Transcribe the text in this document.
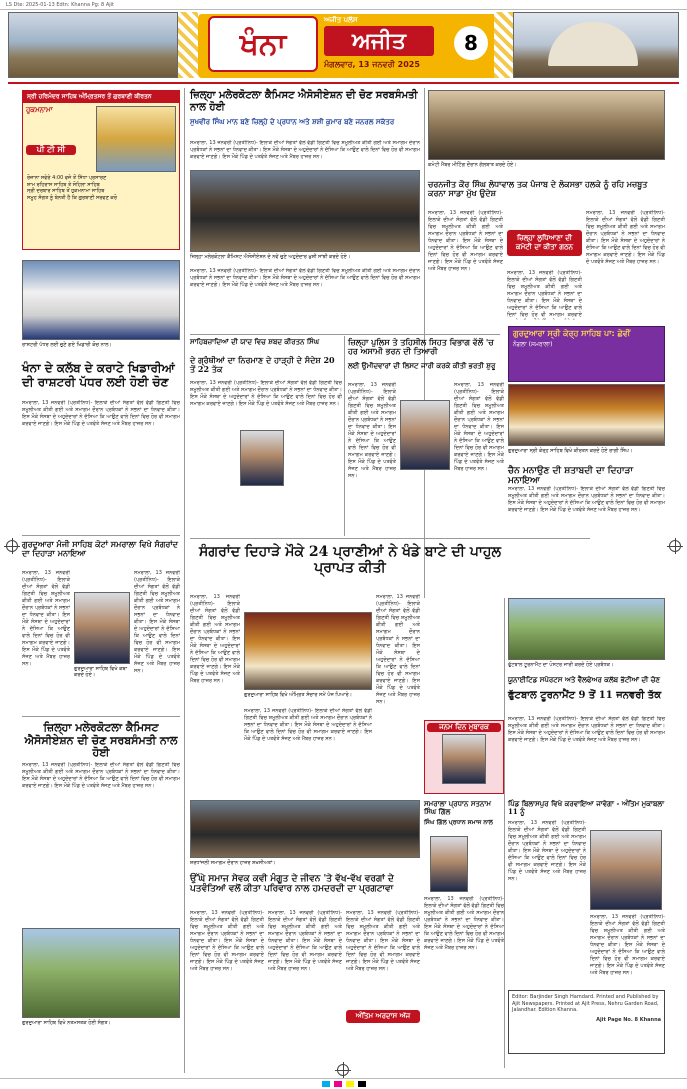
LS Dte: 2025-01-13 Edtn: Khanna Pg: 8 Ajit
ਖੰਨਾ
ਅਜੀਤ ਪਲੱਸ
ਅਜੀਤ
ਮੰਗਲਵਾਰ, 13 ਜਨਵਰੀ 2025
8
ਸ੍ਰੀ ਹਰਿਮੰਦਰ ਸਾਹਿਬ ਅੰਮ੍ਰਿਤਸਰ ਤੋਂ ਗੁਰਬਾਣੀ ਕੀਰਤਨ
ਹੁਕਮਨਾਮਾ
ਪੀ ਟੀ ਸੀ
ਰੋਜ਼ਾਨਾ ਸਵੇਰੇ 4:00 ਵਜੇ ਤੋਂ ਸਿੱਧਾ ਪ੍ਰਸਾਰਣ
ਸ਼ਾਮ ਰਹਿਰਾਸ ਸਾਹਿਬ ਤੇ ਸੋਹਿਲਾ ਸਾਹਿਬ
ਸ੍ਰੀ ਦਰਬਾਰ ਸਾਹਿਬ ਤੋਂ ਹੁਕਮਨਾਮਾ ਸਾਹਿਬ
ਸਮੂਹ ਸੰਗਤ ਨੂੰ ਬੇਨਤੀ ਹੈ ਕਿ ਗੁਰਬਾਣੀ ਸਰਵਣ ਕਰੋ
ਰਾਸ਼ਟਰੀ ਪੱਧਰ ਲਈ ਚੁਣੇ ਗਏ ਖਿਡਾਰੀ ਕੋਚ ਨਾਲ।
ਖੰਨਾ ਦੇ ਕਲੱਬ ਦੇ ਕਰਾਟੇ ਖਿਡਾਰੀਆਂ ਦੀ ਰਾਸ਼ਟਰੀ ਪੱਧਰ ਲਈ ਹੋਈ ਚੋਣ
ਸਮਰਾਲਾ, 13 ਜਨਵਰੀ (ਪ੍ਰਤੀਨਿਧ)- ਇਲਾਕੇ ਦੀਆਂ ਸੰਗਤਾਂ ਵੱਲੋਂ ਵੱਡੀ ਗਿਣਤੀ ਵਿਚ ਸ਼ਮੂਲੀਅਤ ਕੀਤੀ ਗਈ ਅਤੇ ਸਮਾਗਮ ਦੌਰਾਨ ਪ੍ਰਬੰਧਕਾਂ ਨੇ ਸਭਨਾਂ ਦਾ ਧੰਨਵਾਦ ਕੀਤਾ। ਇਸ ਮੌਕੇ ਸੰਸਥਾ ਦੇ ਅਹੁਦੇਦਾਰਾਂ ਨੇ ਦੱਸਿਆ ਕਿ ਆਉਣ ਵਾਲੇ ਦਿਨਾਂ ਵਿਚ ਹੋਰ ਵੀ ਸਮਾਗਮ ਕਰਵਾਏ ਜਾਣਗੇ। ਇਸ ਮੌਕੇ ਪਿੰਡ ਦੇ ਪਤਵੰਤੇ ਸੱਜਣ ਅਤੇ ਮੈਂਬਰ ਹਾਜ਼ਰ ਸਨ।
ਗੁਰਦੁਆਰਾ ਮੰਜੀ ਸਾਹਿਬ ਕੋਟਾਂ ਸਮਰਾਲਾ ਵਿਖੇ ਸੰਗਰਾਂਦ ਦਾ ਦਿਹਾੜਾ ਮਨਾਇਆ
ਸਮਰਾਲਾ, 13 ਜਨਵਰੀ (ਪ੍ਰਤੀਨਿਧ)- ਇਲਾਕੇ ਦੀਆਂ ਸੰਗਤਾਂ ਵੱਲੋਂ ਵੱਡੀ ਗਿਣਤੀ ਵਿਚ ਸ਼ਮੂਲੀਅਤ ਕੀਤੀ ਗਈ ਅਤੇ ਸਮਾਗਮ ਦੌਰਾਨ ਪ੍ਰਬੰਧਕਾਂ ਨੇ ਸਭਨਾਂ ਦਾ ਧੰਨਵਾਦ ਕੀਤਾ। ਇਸ ਮੌਕੇ ਸੰਸਥਾ ਦੇ ਅਹੁਦੇਦਾਰਾਂ ਨੇ ਦੱਸਿਆ ਕਿ ਆਉਣ ਵਾਲੇ ਦਿਨਾਂ ਵਿਚ ਹੋਰ ਵੀ ਸਮਾਗਮ ਕਰਵਾਏ ਜਾਣਗੇ। ਇਸ ਮੌਕੇ ਪਿੰਡ ਦੇ ਪਤਵੰਤੇ ਸੱਜਣ ਅਤੇ ਮੈਂਬਰ ਹਾਜ਼ਰ ਸਨ।
ਗੁਰਦੁਆਰਾ ਸਾਹਿਬ ਵਿਖੇ ਕਥਾ ਕਰਦੇ ਹੋਏ।
ਸਮਰਾਲਾ, 13 ਜਨਵਰੀ (ਪ੍ਰਤੀਨਿਧ)- ਇਲਾਕੇ ਦੀਆਂ ਸੰਗਤਾਂ ਵੱਲੋਂ ਵੱਡੀ ਗਿਣਤੀ ਵਿਚ ਸ਼ਮੂਲੀਅਤ ਕੀਤੀ ਗਈ ਅਤੇ ਸਮਾਗਮ ਦੌਰਾਨ ਪ੍ਰਬੰਧਕਾਂ ਨੇ ਸਭਨਾਂ ਦਾ ਧੰਨਵਾਦ ਕੀਤਾ। ਇਸ ਮੌਕੇ ਸੰਸਥਾ ਦੇ ਅਹੁਦੇਦਾਰਾਂ ਨੇ ਦੱਸਿਆ ਕਿ ਆਉਣ ਵਾਲੇ ਦਿਨਾਂ ਵਿਚ ਹੋਰ ਵੀ ਸਮਾਗਮ ਕਰਵਾਏ ਜਾਣਗੇ। ਇਸ ਮੌਕੇ ਪਿੰਡ ਦੇ ਪਤਵੰਤੇ ਸੱਜਣ ਅਤੇ ਮੈਂਬਰ ਹਾਜ਼ਰ ਸਨ।
ਜ਼ਿਲ੍ਹਾ ਮਲੇਰਕੋਟਲਾ ਕੈਮਿਸਟ ਐਸੋਸੀਏਸ਼ਨ ਦੀ ਚੋਣ ਸਰਬਸੰਮਤੀ ਨਾਲ ਹੋਈ
ਸਮਰਾਲਾ, 13 ਜਨਵਰੀ (ਪ੍ਰਤੀਨਿਧ)- ਇਲਾਕੇ ਦੀਆਂ ਸੰਗਤਾਂ ਵੱਲੋਂ ਵੱਡੀ ਗਿਣਤੀ ਵਿਚ ਸ਼ਮੂਲੀਅਤ ਕੀਤੀ ਗਈ ਅਤੇ ਸਮਾਗਮ ਦੌਰਾਨ ਪ੍ਰਬੰਧਕਾਂ ਨੇ ਸਭਨਾਂ ਦਾ ਧੰਨਵਾਦ ਕੀਤਾ। ਇਸ ਮੌਕੇ ਸੰਸਥਾ ਦੇ ਅਹੁਦੇਦਾਰਾਂ ਨੇ ਦੱਸਿਆ ਕਿ ਆਉਣ ਵਾਲੇ ਦਿਨਾਂ ਵਿਚ ਹੋਰ ਵੀ ਸਮਾਗਮ ਕਰਵਾਏ ਜਾਣਗੇ। ਇਸ ਮੌਕੇ ਪਿੰਡ ਦੇ ਪਤਵੰਤੇ ਸੱਜਣ ਅਤੇ ਮੈਂਬਰ ਹਾਜ਼ਰ ਸਨ।
ਗੁਰਦੁਆਰਾ ਸਾਹਿਬ ਵਿਖੇ ਨਤਮਸਤਕ ਹੋਈ ਸੰਗਤ।
ਜ਼ਿਲ੍ਹਾ ਮਲੇਰਕੋਟਲਾ ਕੈਮਿਸਟ ਐਸੋਸੀਏਸ਼ਨ ਦੀ ਚੋਣ ਸਰਬਸੰਮਤੀ ਨਾਲ ਹੋਈ
ਸੁਖਵੀਰ ਸਿੰਘ ਮਾਨ ਬਣੇ ਜ਼ਿਲ੍ਹੇ ਦੇ ਪ੍ਰਧਾਨ ਅਤੇ ਸ਼ਸ਼ੀ ਕੁਮਾਰ ਬਣੇ ਜਨਰਲ ਸਕੱਤਰ
ਸਮਰਾਲਾ, 13 ਜਨਵਰੀ (ਪ੍ਰਤੀਨਿਧ)- ਇਲਾਕੇ ਦੀਆਂ ਸੰਗਤਾਂ ਵੱਲੋਂ ਵੱਡੀ ਗਿਣਤੀ ਵਿਚ ਸ਼ਮੂਲੀਅਤ ਕੀਤੀ ਗਈ ਅਤੇ ਸਮਾਗਮ ਦੌਰਾਨ ਪ੍ਰਬੰਧਕਾਂ ਨੇ ਸਭਨਾਂ ਦਾ ਧੰਨਵਾਦ ਕੀਤਾ। ਇਸ ਮੌਕੇ ਸੰਸਥਾ ਦੇ ਅਹੁਦੇਦਾਰਾਂ ਨੇ ਦੱਸਿਆ ਕਿ ਆਉਣ ਵਾਲੇ ਦਿਨਾਂ ਵਿਚ ਹੋਰ ਵੀ ਸਮਾਗਮ ਕਰਵਾਏ ਜਾਣਗੇ। ਇਸ ਮੌਕੇ ਪਿੰਡ ਦੇ ਪਤਵੰਤੇ ਸੱਜਣ ਅਤੇ ਮੈਂਬਰ ਹਾਜ਼ਰ ਸਨ।
ਜ਼ਿਲ੍ਹਾ ਮਲੇਰਕੋਟਲਾ ਕੈਮਿਸਟ ਐਸੋਸੀਏਸ਼ਨ ਦੇ ਨਵੇਂ ਚੁਣੇ ਅਹੁਦੇਦਾਰ ਖ਼ੁਸ਼ੀ ਸਾਂਝੀ ਕਰਦੇ ਹੋਏ।
ਸਮਰਾਲਾ, 13 ਜਨਵਰੀ (ਪ੍ਰਤੀਨਿਧ)- ਇਲਾਕੇ ਦੀਆਂ ਸੰਗਤਾਂ ਵੱਲੋਂ ਵੱਡੀ ਗਿਣਤੀ ਵਿਚ ਸ਼ਮੂਲੀਅਤ ਕੀਤੀ ਗਈ ਅਤੇ ਸਮਾਗਮ ਦੌਰਾਨ ਪ੍ਰਬੰਧਕਾਂ ਨੇ ਸਭਨਾਂ ਦਾ ਧੰਨਵਾਦ ਕੀਤਾ। ਇਸ ਮੌਕੇ ਸੰਸਥਾ ਦੇ ਅਹੁਦੇਦਾਰਾਂ ਨੇ ਦੱਸਿਆ ਕਿ ਆਉਣ ਵਾਲੇ ਦਿਨਾਂ ਵਿਚ ਹੋਰ ਵੀ ਸਮਾਗਮ ਕਰਵਾਏ ਜਾਣਗੇ। ਇਸ ਮੌਕੇ ਪਿੰਡ ਦੇ ਪਤਵੰਤੇ ਸੱਜਣ ਅਤੇ ਮੈਂਬਰ ਹਾਜ਼ਰ ਸਨ।
ਕਮੇਟੀ ਮੈਂਬਰ ਮੀਟਿੰਗ ਦੌਰਾਨ ਗੱਲਬਾਤ ਕਰਦੇ ਹੋਏ।
ਚਰਨਜੀਤ ਕੌਰ ਸਿੰਘ ਲੋਧਾਵਾਲ ਤਕ ਪੰਜਾਬ ਦੇ ਲੋਕਸਭਾ ਹਲਕੇ ਨੂੰ ਰਹਿ ਮਜ਼ਬੂਤ ਕਰਨਾ ਸਾਡਾ ਮੁੱਖ ਉਦੇਸ਼
ਸਮਰਾਲਾ, 13 ਜਨਵਰੀ (ਪ੍ਰਤੀਨਿਧ)- ਇਲਾਕੇ ਦੀਆਂ ਸੰਗਤਾਂ ਵੱਲੋਂ ਵੱਡੀ ਗਿਣਤੀ ਵਿਚ ਸ਼ਮੂਲੀਅਤ ਕੀਤੀ ਗਈ ਅਤੇ ਸਮਾਗਮ ਦੌਰਾਨ ਪ੍ਰਬੰਧਕਾਂ ਨੇ ਸਭਨਾਂ ਦਾ ਧੰਨਵਾਦ ਕੀਤਾ। ਇਸ ਮੌਕੇ ਸੰਸਥਾ ਦੇ ਅਹੁਦੇਦਾਰਾਂ ਨੇ ਦੱਸਿਆ ਕਿ ਆਉਣ ਵਾਲੇ ਦਿਨਾਂ ਵਿਚ ਹੋਰ ਵੀ ਸਮਾਗਮ ਕਰਵਾਏ ਜਾਣਗੇ। ਇਸ ਮੌਕੇ ਪਿੰਡ ਦੇ ਪਤਵੰਤੇ ਸੱਜਣ ਅਤੇ ਮੈਂਬਰ ਹਾਜ਼ਰ ਸਨ।
ਜ਼ਿਲ੍ਹਾ ਲੁਧਿਆਣਾ ਦੀ ਕਮੇਟੀ ਦਾ ਕੀਤਾ ਗਠਨ
ਸਮਰਾਲਾ, 13 ਜਨਵਰੀ (ਪ੍ਰਤੀਨਿਧ)- ਇਲਾਕੇ ਦੀਆਂ ਸੰਗਤਾਂ ਵੱਲੋਂ ਵੱਡੀ ਗਿਣਤੀ ਵਿਚ ਸ਼ਮੂਲੀਅਤ ਕੀਤੀ ਗਈ ਅਤੇ ਸਮਾਗਮ ਦੌਰਾਨ ਪ੍ਰਬੰਧਕਾਂ ਨੇ ਸਭਨਾਂ ਦਾ ਧੰਨਵਾਦ ਕੀਤਾ। ਇਸ ਮੌਕੇ ਸੰਸਥਾ ਦੇ ਅਹੁਦੇਦਾਰਾਂ ਨੇ ਦੱਸਿਆ ਕਿ ਆਉਣ ਵਾਲੇ ਦਿਨਾਂ ਵਿਚ ਹੋਰ ਵੀ ਸਮਾਗਮ ਕਰਵਾਏ
ਸਮਰਾਲਾ, 13 ਜਨਵਰੀ (ਪ੍ਰਤੀਨਿਧ)- ਇਲਾਕੇ ਦੀਆਂ ਸੰਗਤਾਂ ਵੱਲੋਂ ਵੱਡੀ ਗਿਣਤੀ ਵਿਚ ਸ਼ਮੂਲੀਅਤ ਕੀਤੀ ਗਈ ਅਤੇ ਸਮਾਗਮ ਦੌਰਾਨ ਪ੍ਰਬੰਧਕਾਂ ਨੇ ਸਭਨਾਂ ਦਾ ਧੰਨਵਾਦ ਕੀਤਾ। ਇਸ ਮੌਕੇ ਸੰਸਥਾ ਦੇ ਅਹੁਦੇਦਾਰਾਂ ਨੇ ਦੱਸਿਆ ਕਿ ਆਉਣ ਵਾਲੇ ਦਿਨਾਂ ਵਿਚ ਹੋਰ ਵੀ ਸਮਾਗਮ ਕਰਵਾਏ ਜਾਣਗੇ। ਇਸ ਮੌਕੇ ਪਿੰਡ ਦੇ ਪਤਵੰਤੇ ਸੱਜਣ ਅਤੇ ਮੈਂਬਰ ਹਾਜ਼ਰ ਸਨ।
ਗੁਰਦੁਆਰਾ ਸ੍ਰੀ ਕੇਰ੍ਹ ਸਾਹਿਬ ਪਾ: ਛੇਵੀਂ
ਨੰਗਲਾ (ਸਮਰਾਲਾ)
ਗੁਰਦੁਆਰਾ ਸ੍ਰੀ ਕੇਰ੍ਹ ਸਾਹਿਬ ਵਿਖੇ ਕੀਰਤਨ ਕਰਦੇ ਹੋਏ ਰਾਗੀ ਸਿੰਘ।
ਚੈਨ ਮਨਾਉਣ ਦੀ ਸ਼ਤਾਬਦੀ ਦਾ ਦਿਹਾੜਾ ਮਨਾਇਆ
ਸਮਰਾਲਾ, 13 ਜਨਵਰੀ (ਪ੍ਰਤੀਨਿਧ)- ਇਲਾਕੇ ਦੀਆਂ ਸੰਗਤਾਂ ਵੱਲੋਂ ਵੱਡੀ ਗਿਣਤੀ ਵਿਚ ਸ਼ਮੂਲੀਅਤ ਕੀਤੀ ਗਈ ਅਤੇ ਸਮਾਗਮ ਦੌਰਾਨ ਪ੍ਰਬੰਧਕਾਂ ਨੇ ਸਭਨਾਂ ਦਾ ਧੰਨਵਾਦ ਕੀਤਾ। ਇਸ ਮੌਕੇ ਸੰਸਥਾ ਦੇ ਅਹੁਦੇਦਾਰਾਂ ਨੇ ਦੱਸਿਆ ਕਿ ਆਉਣ ਵਾਲੇ ਦਿਨਾਂ ਵਿਚ ਹੋਰ ਵੀ ਸਮਾਗਮ ਕਰਵਾਏ ਜਾਣਗੇ। ਇਸ ਮੌਕੇ ਪਿੰਡ ਦੇ ਪਤਵੰਤੇ ਸੱਜਣ ਅਤੇ ਮੈਂਬਰ ਹਾਜ਼ਰ ਸਨ।
ਸਾਹਿਬਜ਼ਾਦਿਆਂ ਦੀ ਯਾਦ ਵਿਚ ਸ਼ਬਦ ਕੀਰਤਨ ਸਿੰਘ
ਦੇ ਗ੍ਰੰਥੀਆਂ ਦਾ ਨਿਰਮਾਣ ਦੇ ਹਾੜ੍ਹੀ ਦੇ ਸੰਦੇਸ਼ 20 ਤੋਂ 22 ਤੱਕ
ਸਮਰਾਲਾ, 13 ਜਨਵਰੀ (ਪ੍ਰਤੀਨਿਧ)- ਇਲਾਕੇ ਦੀਆਂ ਸੰਗਤਾਂ ਵੱਲੋਂ ਵੱਡੀ ਗਿਣਤੀ ਵਿਚ ਸ਼ਮੂਲੀਅਤ ਕੀਤੀ ਗਈ ਅਤੇ ਸਮਾਗਮ ਦੌਰਾਨ ਪ੍ਰਬੰਧਕਾਂ ਨੇ ਸਭਨਾਂ ਦਾ ਧੰਨਵਾਦ ਕੀਤਾ। ਇਸ ਮੌਕੇ ਸੰਸਥਾ ਦੇ ਅਹੁਦੇਦਾਰਾਂ ਨੇ ਦੱਸਿਆ ਕਿ ਆਉਣ ਵਾਲੇ ਦਿਨਾਂ ਵਿਚ ਹੋਰ ਵੀ ਸਮਾਗਮ ਕਰਵਾਏ ਜਾਣਗੇ। ਇਸ ਮੌਕੇ ਪਿੰਡ ਦੇ ਪਤਵੰਤੇ ਸੱਜਣ ਅਤੇ ਮੈਂਬਰ ਹਾਜ਼ਰ ਸਨ।
ਜ਼ਿਲ੍ਹਾ ਪੁਲਿਸ ਤੇ ਤਹਿਸੀਲ ਸਿਹਤ ਵਿਭਾਗ ਵੱਲੋਂ 'ਚ ਹਰ ਅਸਾਮੀ ਭਰਨ ਦੀ ਤਿਆਰੀ
ਲਈ ਉਮੀਦਵਾਰਾਂ ਦੀ ਲਿਸਟ ਜਾਰੀ ਕਰਕੇ ਕੀਤੀ ਭਰਤੀ ਸ਼ੁਰੂ
ਸਮਰਾਲਾ, 13 ਜਨਵਰੀ (ਪ੍ਰਤੀਨਿਧ)- ਇਲਾਕੇ ਦੀਆਂ ਸੰਗਤਾਂ ਵੱਲੋਂ ਵੱਡੀ ਗਿਣਤੀ ਵਿਚ ਸ਼ਮੂਲੀਅਤ ਕੀਤੀ ਗਈ ਅਤੇ ਸਮਾਗਮ ਦੌਰਾਨ ਪ੍ਰਬੰਧਕਾਂ ਨੇ ਸਭਨਾਂ ਦਾ ਧੰਨਵਾਦ ਕੀਤਾ। ਇਸ ਮੌਕੇ ਸੰਸਥਾ ਦੇ ਅਹੁਦੇਦਾਰਾਂ ਨੇ ਦੱਸਿਆ ਕਿ ਆਉਣ ਵਾਲੇ ਦਿਨਾਂ ਵਿਚ ਹੋਰ ਵੀ ਸਮਾਗਮ ਕਰਵਾਏ ਜਾਣਗੇ। ਇਸ ਮੌਕੇ ਪਿੰਡ ਦੇ ਪਤਵੰਤੇ ਸੱਜਣ ਅਤੇ ਮੈਂਬਰ ਹਾਜ਼ਰ ਸਨ।
ਸਮਰਾਲਾ, 13 ਜਨਵਰੀ (ਪ੍ਰਤੀਨਿਧ)- ਇਲਾਕੇ ਦੀਆਂ ਸੰਗਤਾਂ ਵੱਲੋਂ ਵੱਡੀ ਗਿਣਤੀ ਵਿਚ ਸ਼ਮੂਲੀਅਤ ਕੀਤੀ ਗਈ ਅਤੇ ਸਮਾਗਮ ਦੌਰਾਨ ਪ੍ਰਬੰਧਕਾਂ ਨੇ ਸਭਨਾਂ ਦਾ ਧੰਨਵਾਦ ਕੀਤਾ। ਇਸ ਮੌਕੇ ਸੰਸਥਾ ਦੇ ਅਹੁਦੇਦਾਰਾਂ ਨੇ ਦੱਸਿਆ ਕਿ ਆਉਣ ਵਾਲੇ ਦਿਨਾਂ ਵਿਚ ਹੋਰ ਵੀ ਸਮਾਗਮ ਕਰਵਾਏ ਜਾਣਗੇ। ਇਸ ਮੌਕੇ ਪਿੰਡ ਦੇ ਪਤਵੰਤੇ ਸੱਜਣ ਅਤੇ ਮੈਂਬਰ ਹਾਜ਼ਰ ਸਨ।
ਸੰਗਰਾਂਦ ਦਿਹਾੜੇ ਮੌਕੇ 24 ਪ੍ਰਾਣੀਆਂ ਨੇ ਖੰਡੇ ਬਾਟੇ ਦੀ ਪਾਹੁਲ ਪ੍ਰਾਪਤ ਕੀਤੀ
ਸਮਰਾਲਾ, 13 ਜਨਵਰੀ (ਪ੍ਰਤੀਨਿਧ)- ਇਲਾਕੇ ਦੀਆਂ ਸੰਗਤਾਂ ਵੱਲੋਂ ਵੱਡੀ ਗਿਣਤੀ ਵਿਚ ਸ਼ਮੂਲੀਅਤ ਕੀਤੀ ਗਈ ਅਤੇ ਸਮਾਗਮ ਦੌਰਾਨ ਪ੍ਰਬੰਧਕਾਂ ਨੇ ਸਭਨਾਂ ਦਾ ਧੰਨਵਾਦ ਕੀਤਾ। ਇਸ ਮੌਕੇ ਸੰਸਥਾ ਦੇ ਅਹੁਦੇਦਾਰਾਂ ਨੇ ਦੱਸਿਆ ਕਿ ਆਉਣ ਵਾਲੇ ਦਿਨਾਂ ਵਿਚ ਹੋਰ ਵੀ ਸਮਾਗਮ ਕਰਵਾਏ ਜਾਣਗੇ। ਇਸ ਮੌਕੇ ਪਿੰਡ ਦੇ ਪਤਵੰਤੇ ਸੱਜਣ ਅਤੇ ਮੈਂਬਰ ਹਾਜ਼ਰ ਸਨ।
ਗੁਰਦੁਆਰਾ ਸਾਹਿਬ ਵਿਖੇ ਅੰਮ੍ਰਿਤ ਸੰਚਾਰ ਸਮੇਂ ਪੰਜ ਪਿਆਰੇ।
ਸਮਰਾਲਾ, 13 ਜਨਵਰੀ (ਪ੍ਰਤੀਨਿਧ)- ਇਲਾਕੇ ਦੀਆਂ ਸੰਗਤਾਂ ਵੱਲੋਂ ਵੱਡੀ ਗਿਣਤੀ ਵਿਚ ਸ਼ਮੂਲੀਅਤ ਕੀਤੀ ਗਈ ਅਤੇ ਸਮਾਗਮ ਦੌਰਾਨ ਪ੍ਰਬੰਧਕਾਂ ਨੇ ਸਭਨਾਂ ਦਾ ਧੰਨਵਾਦ ਕੀਤਾ। ਇਸ ਮੌਕੇ ਸੰਸਥਾ ਦੇ ਅਹੁਦੇਦਾਰਾਂ ਨੇ ਦੱਸਿਆ ਕਿ ਆਉਣ ਵਾਲੇ ਦਿਨਾਂ ਵਿਚ ਹੋਰ ਵੀ ਸਮਾਗਮ ਕਰਵਾਏ ਜਾਣਗੇ। ਇਸ ਮੌਕੇ ਪਿੰਡ ਦੇ ਪਤਵੰਤੇ ਸੱਜਣ ਅਤੇ ਮੈਂਬਰ ਹਾਜ਼ਰ ਸਨ।
ਸਮਰਾਲਾ, 13 ਜਨਵਰੀ (ਪ੍ਰਤੀਨਿਧ)- ਇਲਾਕੇ ਦੀਆਂ ਸੰਗਤਾਂ ਵੱਲੋਂ ਵੱਡੀ ਗਿਣਤੀ ਵਿਚ ਸ਼ਮੂਲੀਅਤ ਕੀਤੀ ਗਈ ਅਤੇ ਸਮਾਗਮ ਦੌਰਾਨ ਪ੍ਰਬੰਧਕਾਂ ਨੇ ਸਭਨਾਂ ਦਾ ਧੰਨਵਾਦ ਕੀਤਾ। ਇਸ ਮੌਕੇ ਸੰਸਥਾ ਦੇ ਅਹੁਦੇਦਾਰਾਂ ਨੇ ਦੱਸਿਆ ਕਿ ਆਉਣ ਵਾਲੇ ਦਿਨਾਂ ਵਿਚ ਹੋਰ ਵੀ ਸਮਾਗਮ ਕਰਵਾਏ ਜਾਣਗੇ। ਇਸ ਮੌਕੇ ਪਿੰਡ ਦੇ ਪਤਵੰਤੇ ਸੱਜਣ ਅਤੇ ਮੈਂਬਰ ਹਾਜ਼ਰ ਸਨ।
ਜਨਮ ਦਿਨ ਮੁਬਾਰਕ
ਫੁੱਟਬਾਲ ਟੂਰਨਾਮੈਂਟ ਦਾ ਪੋਸਟਰ ਜਾਰੀ ਕਰਦੇ ਹੋਏ ਪ੍ਰਬੰਧਕ।
ਯੂਨਾਈਟਿਡ ਸਪੋਰਟਸ ਅਤੇ ਵੈੱਲਫੇਅਰ ਕਲੱਬ ਭੱਟੀਆਂ ਦੀ ਚੋਣ
ਫੁੱਟਬਾਲ ਟੂਰਨਾਮੈਂਟ 9 ਤੋਂ 11 ਜਨਵਰੀ ਤੱਕ
ਸਮਰਾਲਾ, 13 ਜਨਵਰੀ (ਪ੍ਰਤੀਨਿਧ)- ਇਲਾਕੇ ਦੀਆਂ ਸੰਗਤਾਂ ਵੱਲੋਂ ਵੱਡੀ ਗਿਣਤੀ ਵਿਚ ਸ਼ਮੂਲੀਅਤ ਕੀਤੀ ਗਈ ਅਤੇ ਸਮਾਗਮ ਦੌਰਾਨ ਪ੍ਰਬੰਧਕਾਂ ਨੇ ਸਭਨਾਂ ਦਾ ਧੰਨਵਾਦ ਕੀਤਾ। ਇਸ ਮੌਕੇ ਸੰਸਥਾ ਦੇ ਅਹੁਦੇਦਾਰਾਂ ਨੇ ਦੱਸਿਆ ਕਿ ਆਉਣ ਵਾਲੇ ਦਿਨਾਂ ਵਿਚ ਹੋਰ ਵੀ ਸਮਾਗਮ ਕਰਵਾਏ ਜਾਣਗੇ। ਇਸ ਮੌਕੇ ਪਿੰਡ ਦੇ ਪਤਵੰਤੇ ਸੱਜਣ ਅਤੇ ਮੈਂਬਰ ਹਾਜ਼ਰ ਸਨ।
ਪਿੰਡ ਬਿਲਾਸਪੁਰ ਵਿਖੇ ਕਰਵਾਇਆ ਜਾਵੇਗਾ - ਅੰਤਿਮ ਮੁਕਾਬਲਾ 11 ਨੂੰ
ਸਮਰਾਲਾ ਪ੍ਰਧਾਨ ਸਤਨਾਮ ਸਿੰਘ ਗਿੱਲ
ਸਿੰਘ ਗਿੱਲ ਪ੍ਰਧਾਨ ਸਮਾਜ ਨਾਲ
ਸਮਰਾਲਾ, 13 ਜਨਵਰੀ (ਪ੍ਰਤੀਨਿਧ)- ਇਲਾਕੇ ਦੀਆਂ ਸੰਗਤਾਂ ਵੱਲੋਂ ਵੱਡੀ ਗਿਣਤੀ ਵਿਚ ਸ਼ਮੂਲੀਅਤ ਕੀਤੀ ਗਈ ਅਤੇ ਸਮਾਗਮ ਦੌਰਾਨ ਪ੍ਰਬੰਧਕਾਂ ਨੇ ਸਭਨਾਂ ਦਾ ਧੰਨਵਾਦ ਕੀਤਾ। ਇਸ ਮੌਕੇ ਸੰਸਥਾ ਦੇ ਅਹੁਦੇਦਾਰਾਂ ਨੇ ਦੱਸਿਆ ਕਿ ਆਉਣ ਵਾਲੇ ਦਿਨਾਂ ਵਿਚ ਹੋਰ ਵੀ ਸਮਾਗਮ ਕਰਵਾਏ ਜਾਣਗੇ। ਇਸ ਮੌਕੇ ਪਿੰਡ ਦੇ ਪਤਵੰਤੇ ਸੱਜਣ ਅਤੇ ਮੈਂਬਰ ਹਾਜ਼ਰ ਸਨ।
ਸਮਰਾਲਾ, 13 ਜਨਵਰੀ (ਪ੍ਰਤੀਨਿਧ)- ਇਲਾਕੇ ਦੀਆਂ ਸੰਗਤਾਂ ਵੱਲੋਂ ਵੱਡੀ ਗਿਣਤੀ ਵਿਚ ਸ਼ਮੂਲੀਅਤ ਕੀਤੀ ਗਈ ਅਤੇ ਸਮਾਗਮ ਦੌਰਾਨ ਪ੍ਰਬੰਧਕਾਂ ਨੇ ਸਭਨਾਂ ਦਾ ਧੰਨਵਾਦ ਕੀਤਾ। ਇਸ ਮੌਕੇ ਸੰਸਥਾ ਦੇ ਅਹੁਦੇਦਾਰਾਂ ਨੇ ਦੱਸਿਆ ਕਿ ਆਉਣ ਵਾਲੇ ਦਿਨਾਂ ਵਿਚ ਹੋਰ ਵੀ ਸਮਾਗਮ ਕਰਵਾਏ ਜਾਣਗੇ। ਇਸ ਮੌਕੇ ਪਿੰਡ ਦੇ ਪਤਵੰਤੇ ਸੱਜਣ ਅਤੇ ਮੈਂਬਰ ਹਾਜ਼ਰ ਸਨ।
ਸਮਰਾਲਾ, 13 ਜਨਵਰੀ (ਪ੍ਰਤੀਨਿਧ)- ਇਲਾਕੇ ਦੀਆਂ ਸੰਗਤਾਂ ਵੱਲੋਂ ਵੱਡੀ ਗਿਣਤੀ ਵਿਚ ਸ਼ਮੂਲੀਅਤ ਕੀਤੀ ਗਈ ਅਤੇ ਸਮਾਗਮ ਦੌਰਾਨ ਪ੍ਰਬੰਧਕਾਂ ਨੇ ਸਭਨਾਂ ਦਾ ਧੰਨਵਾਦ ਕੀਤਾ। ਇਸ ਮੌਕੇ ਸੰਸਥਾ ਦੇ ਅਹੁਦੇਦਾਰਾਂ ਨੇ ਦੱਸਿਆ ਕਿ ਆਉਣ ਵਾਲੇ ਦਿਨਾਂ ਵਿਚ ਹੋਰ ਵੀ ਸਮਾਗਮ ਕਰਵਾਏ ਜਾਣਗੇ। ਇਸ ਮੌਕੇ ਪਿੰਡ ਦੇ ਪਤਵੰਤੇ ਸੱਜਣ ਅਤੇ ਮੈਂਬਰ ਹਾਜ਼ਰ ਸਨ।
Editor: Barjinder Singh Hamdard. Printed and Published by Ajit Newspapers. Printed at Ajit Press, Nehru Garden Road, Jalandhar. Edition Khanna.
Ajit Page No. 8 Khanna
ਸ਼ਰਧਾਂਜਲੀ ਸਮਾਗਮ ਦੌਰਾਨ ਹਾਜ਼ਰ ਸ਼ਖ਼ਸੀਅਤਾਂ।
ਉੱਘੇ ਸਮਾਜ ਸੇਵਕ ਕਵੀ ਮੰਗੂਤ ਦੇ ਜੀਵਨ 'ਤੇ ਵੱਖ-ਵੱਖ ਵਰਗਾਂ ਦੇ ਪਤਵੰਤਿਆਂ ਵਲੋਂ ਕੀਤਾ ਪਰਿਵਾਰ ਨਾਲ ਹਮਦਰਦੀ ਦਾ ਪ੍ਰਗਟਾਵਾ
ਸਮਰਾਲਾ, 13 ਜਨਵਰੀ (ਪ੍ਰਤੀਨਿਧ)- ਇਲਾਕੇ ਦੀਆਂ ਸੰਗਤਾਂ ਵੱਲੋਂ ਵੱਡੀ ਗਿਣਤੀ ਵਿਚ ਸ਼ਮੂਲੀਅਤ ਕੀਤੀ ਗਈ ਅਤੇ ਸਮਾਗਮ ਦੌਰਾਨ ਪ੍ਰਬੰਧਕਾਂ ਨੇ ਸਭਨਾਂ ਦਾ ਧੰਨਵਾਦ ਕੀਤਾ। ਇਸ ਮੌਕੇ ਸੰਸਥਾ ਦੇ ਅਹੁਦੇਦਾਰਾਂ ਨੇ ਦੱਸਿਆ ਕਿ ਆਉਣ ਵਾਲੇ ਦਿਨਾਂ ਵਿਚ ਹੋਰ ਵੀ ਸਮਾਗਮ ਕਰਵਾਏ ਜਾਣਗੇ। ਇਸ ਮੌਕੇ ਪਿੰਡ ਦੇ ਪਤਵੰਤੇ ਸੱਜਣ ਅਤੇ ਮੈਂਬਰ ਹਾਜ਼ਰ ਸਨ।
ਸਮਰਾਲਾ, 13 ਜਨਵਰੀ (ਪ੍ਰਤੀਨਿਧ)- ਇਲਾਕੇ ਦੀਆਂ ਸੰਗਤਾਂ ਵੱਲੋਂ ਵੱਡੀ ਗਿਣਤੀ ਵਿਚ ਸ਼ਮੂਲੀਅਤ ਕੀਤੀ ਗਈ ਅਤੇ ਸਮਾਗਮ ਦੌਰਾਨ ਪ੍ਰਬੰਧਕਾਂ ਨੇ ਸਭਨਾਂ ਦਾ ਧੰਨਵਾਦ ਕੀਤਾ। ਇਸ ਮੌਕੇ ਸੰਸਥਾ ਦੇ ਅਹੁਦੇਦਾਰਾਂ ਨੇ ਦੱਸਿਆ ਕਿ ਆਉਣ ਵਾਲੇ ਦਿਨਾਂ ਵਿਚ ਹੋਰ ਵੀ ਸਮਾਗਮ ਕਰਵਾਏ ਜਾਣਗੇ। ਇਸ ਮੌਕੇ ਪਿੰਡ ਦੇ ਪਤਵੰਤੇ ਸੱਜਣ ਅਤੇ ਮੈਂਬਰ ਹਾਜ਼ਰ ਸਨ।
ਅੰਤਿਮ ਅਰਦਾਸ ਅੱਜ
ਸਮਰਾਲਾ, 13 ਜਨਵਰੀ (ਪ੍ਰਤੀਨਿਧ)- ਇਲਾਕੇ ਦੀਆਂ ਸੰਗਤਾਂ ਵੱਲੋਂ ਵੱਡੀ ਗਿਣਤੀ ਵਿਚ ਸ਼ਮੂਲੀਅਤ ਕੀਤੀ ਗਈ ਅਤੇ ਸਮਾਗਮ ਦੌਰਾਨ ਪ੍ਰਬੰਧਕਾਂ ਨੇ ਸਭਨਾਂ ਦਾ ਧੰਨਵਾਦ ਕੀਤਾ। ਇਸ ਮੌਕੇ ਸੰਸਥਾ ਦੇ ਅਹੁਦੇਦਾਰਾਂ ਨੇ ਦੱਸਿਆ ਕਿ ਆਉਣ ਵਾਲੇ ਦਿਨਾਂ ਵਿਚ ਹੋਰ ਵੀ ਸਮਾਗਮ ਕਰਵਾਏ ਜਾਣਗੇ। ਇਸ ਮੌਕੇ ਪਿੰਡ ਦੇ ਪਤਵੰਤੇ ਸੱਜਣ ਅਤੇ ਮੈਂਬਰ ਹਾਜ਼ਰ ਸਨ।
